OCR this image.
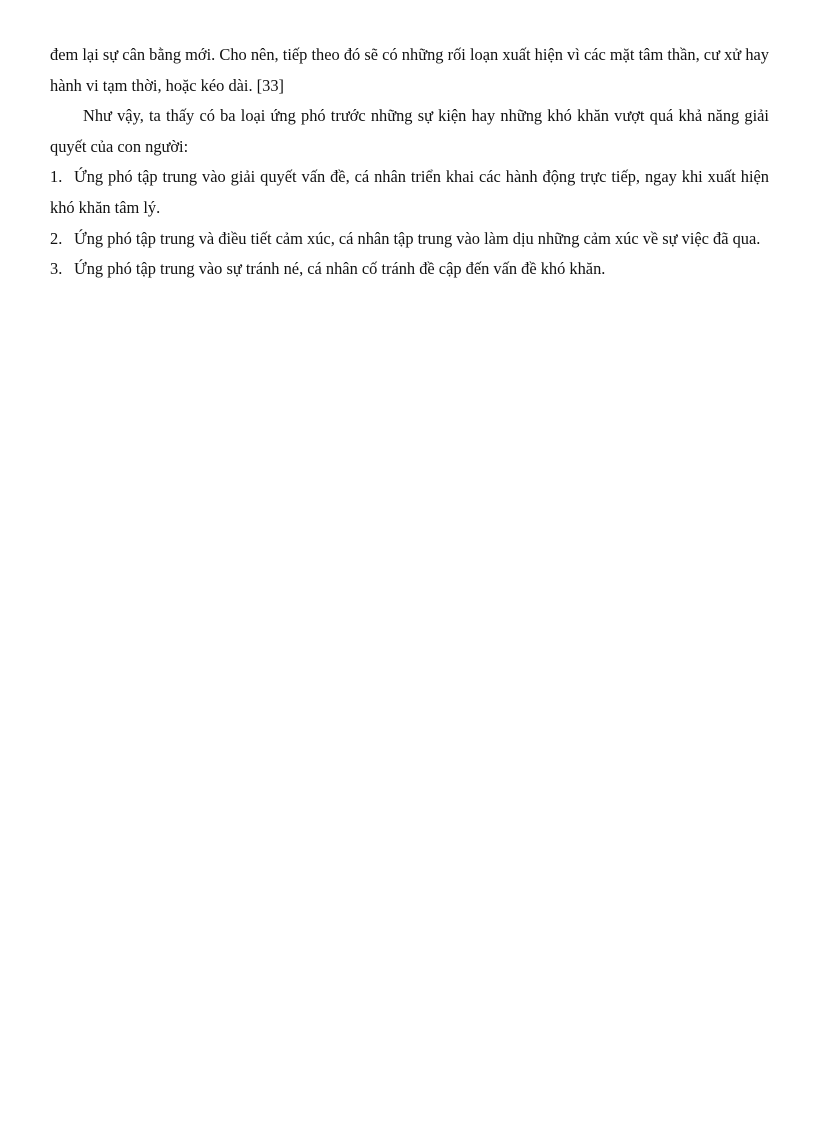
đem lại sự cân bằng mới. Cho nên, tiếp theo đó sẽ có những rối loạn xuất hiện vì các mặt tâm thần, cư xử hay hành vi tạm thời, hoặc kéo dài. [33]

Như vậy, ta thấy có ba loại ứng phó trước những sự kiện hay những khó khăn vượt quá khả năng giải quyết của con người:

1. Ứng phó tập trung vào giải quyết vấn đề, cá nhân triển khai các hành động trực tiếp, ngay khi xuất hiện khó khăn tâm lý.
2. Ứng phó tập trung và điều tiết cảm xúc, cá nhân tập trung vào làm dịu những cảm xúc về sự việc đã qua.
3. Ứng phó tập trung vào sự tránh né, cá nhân cố tránh đề cập đến vấn đề khó khăn.
